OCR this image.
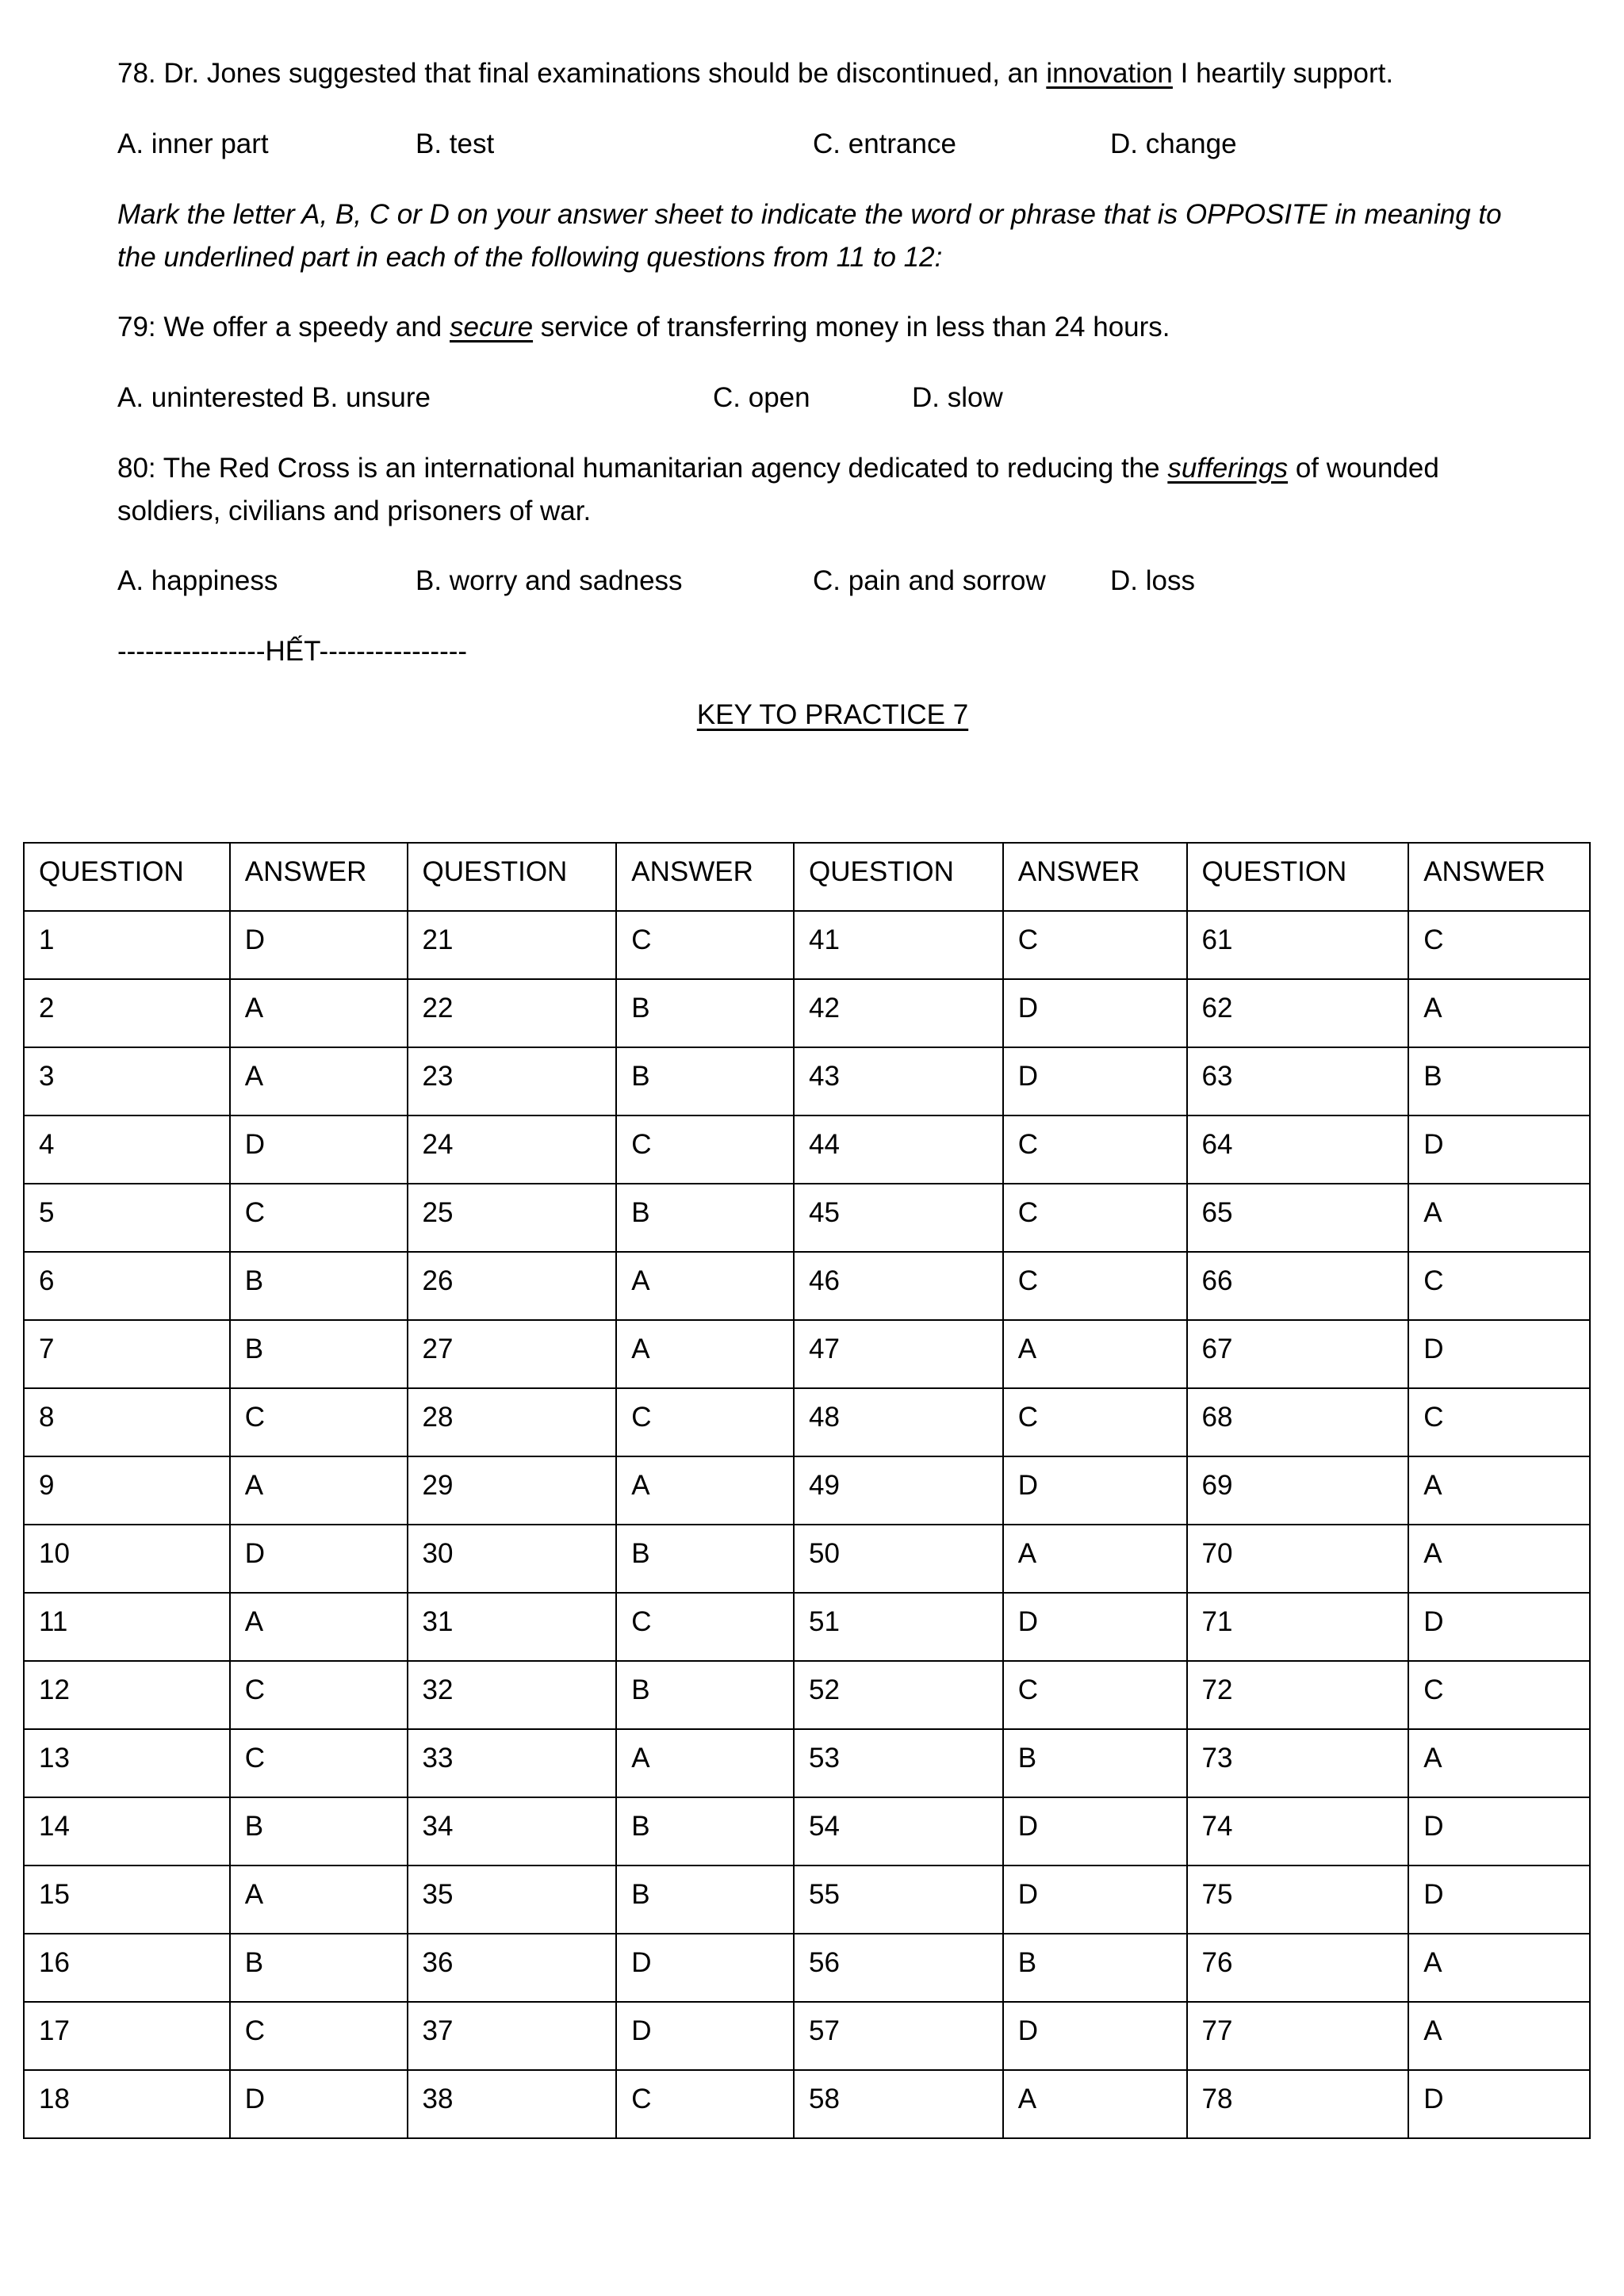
78. Dr. Jones suggested that final examinations should be discontinued, an innovation I heartily support.
A. inner part	B. test	C. entrance	D. change
Mark the letter A, B, C or D on your answer sheet to indicate the word or phrase that is OPPOSITE in meaning to the underlined part in each of the following questions from 11 to 12:
79: We offer a speedy and secure service of transferring money in less than 24 hours.
A. uninterested B. unsure	C. open	D. slow
80: The Red Cross is an international humanitarian agency dedicated to reducing the sufferings of wounded soldiers, civilians and prisoners of war.
A. happiness	B. worry and sadness	C. pain and sorrow D. loss
----------------HẾT----------------
KEY TO PRACTICE 7
QUESTION	ANSWER	QUESTION	ANSWER	QUESTION	ANSWER	QUESTION	ANSWER
1	D	21	C	41	C	61	C
2	A	22	B	42	D	62	A
3	A	23	B	43	D	63	B
4	D	24	C	44	C	64	D
5	C	25	B	45	C	65	A
6	B	26	A	46	C	66	C
7	B	27	A	47	A	67	D
8	C	28	C	48	C	68	C
9	A	29	A	49	D	69	A
10	D	30	B	50	A	70	A
11	A	31	C	51	D	71	D
12	C	32	B	52	C	72	C
13	C	33	A	53	B	73	A
14	B	34	B	54	D	74	D
15	A	35	B	55	D	75	D
16	B	36	D	56	B	76	A
17	C	37	D	57	D	77	A
18	D	38	C	58	A	78	D
